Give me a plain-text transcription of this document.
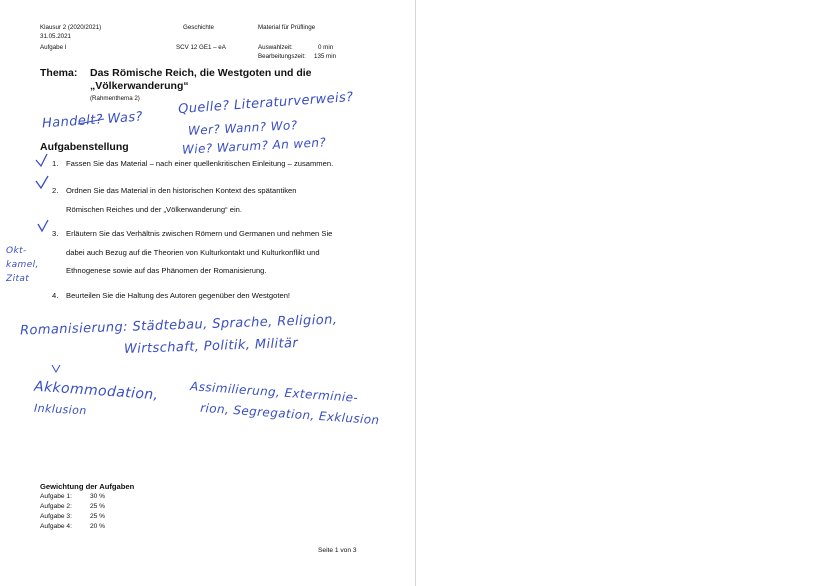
Klausur 2 (2020/2021)
31.05.2021
Aufgabe I
Geschichte
SCV 12 GE1 – eA
Material für Prüflinge
Auswahlzeit:	0 min
Bearbeitungszeit: 135 min
Thema: Das Römische Reich, die Westgoten und die
„Völkerwanderung“
(Rahmenthema 2)
Aufgabenstellung
1. Fassen Sie das Material – nach einer quellenkritischen Einleitung – zusammen.
2. Ordnen Sie das Material in den historischen Kontext des spätantiken
Römischen Reiches und der „Völkerwanderung“ ein.
3. Erläutern Sie das Verhältnis zwischen Römern und Germanen und nehmen Sie
dabei auch Bezug auf die Theorien von Kulturkontakt und Kulturkonflikt und
Ethnogenese sowie auf das Phänomen der Romanisierung.
4. Beurteilen Sie die Haltung des Autoren gegenüber den Westgoten!
Gewichtung der Aufgaben
Aufgabe 1:	30 %
Aufgabe 2:	25 %
Aufgabe 3:	25 %
Aufgabe 4:	20 %
Seite 1 von 3
Quelle? Literaturverweis?
Handelt? Was?	Wer? Wann? Wo?
Wie? Warum? An wen?
Okt-
kamel,
Zitat
Romanisierung: Städtebau, Sprache, Religion,
Wirtschaft, Politik, Militär
Akkommodation,
Inklusion
Assimilierung, Exterminie-
rion, Segregation, Exklusion
